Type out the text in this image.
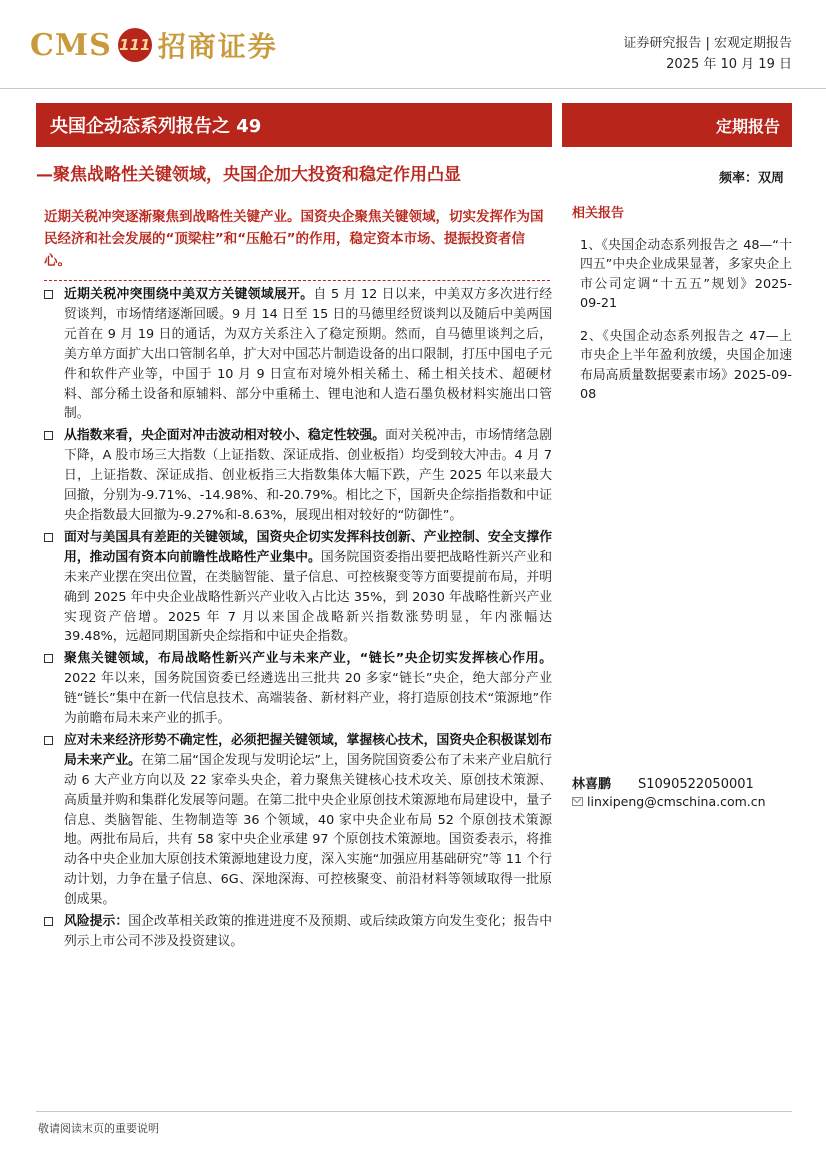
CMS 111 招商证券	证券研究报告 | 宏观定期报告
2025 年 10 月 19 日
央国企动态系列报告之 49	定期报告
—聚焦战略性关键领域，央国企加大投资和稳定作用凸显	频率：双周

近期关税冲突逐渐聚焦到战略性关键产业。国资央企聚焦关键领域，切实发挥作为国民经济和社会发展的“顶梁柱”和“压舱石”的作用，稳定资本市场、提振投资者信心。

近期关税冲突围绕中美双方关键领域展开。自 5 月 12 日以来，中美双方多次进行经贸谈判，市场情绪逐渐回暖。9 月 14 日至 15 日的马德里经贸谈判以及随后中美两国元首在 9 月 19 日的通话，为双方关系注入了稳定预期。然而，自马德里谈判之后，美方单方面扩大出口管制名单，扩大对中国芯片制造设备的出口限制，打压中国电子元件和软件产业等，中国于 10 月 9 日宣布对境外相关稀土、稀土相关技术、超硬材料、部分稀土设备和原辅料、部分中重稀土、锂电池和人造石墨负极材料实施出口管制。
从指数来看，央企面对冲击波动相对较小、稳定性较强。面对关税冲击，市场情绪急剧下降，A 股市场三大指数（上证指数、深证成指、创业板指）均受到较大冲击。4 月 7 日，上证指数、深证成指、创业板指三大指数集体大幅下跌，产生 2025 年以来最大回撤，分别为-9.71%、-14.98%、和-20.79%。相比之下，国新央企综指指数和中证央企指数最大回撤为-9.27%和-8.63%，展现出相对较好的“防御性”。
面对与美国具有差距的关键领域，国资央企切实发挥科技创新、产业控制、安全支撑作用，推动国有资本向前瞻性战略性产业集中。国务院国资委指出要把战略性新兴产业和未来产业摆在突出位置，在类脑智能、量子信息、可控核聚变等方面要提前布局，并明确到 2025 年中央企业战略性新兴产业收入占比达 35%，到 2030 年战略性新兴产业实现资产倍增。2025 年 7 月以来国企战略新兴指数涨势明显，年内涨幅达 39.48%，远超同期国新央企综指和中证央企指数。
聚焦关键领域，布局战略性新兴产业与未来产业，“链长”央企切实发挥核心作用。2022 年以来，国务院国资委已经遴选出三批共 20 多家“链长”央企，绝大部分产业链“链长”集中在新一代信息技术、高端装备、新材料产业，将打造原创技术“策源地”作为前瞻布局未来产业的抓手。
应对未来经济形势不确定性，必须把握关键领域，掌握核心技术，国资央企积极谋划布局未来产业。在第二届“国企发现与发明论坛”上，国务院国资委公布了未来产业启航行动 6 大产业方向以及 22 家牵头央企，着力聚焦关键核心技术攻关、原创技术策源、高质量并购和集群化发展等问题。在第二批中央企业原创技术策源地布局建设中，量子信息、类脑智能、生物制造等 36 个领域，40 家中央企业布局 52 个原创技术策源地。两批布局后，共有 58 家中央企业承建 97 个原创技术策源地。国资委表示，将推动各中央企业加大原创技术策源地建设力度，深入实施“加强应用基础研究”等 11 个行动计划，力争在量子信息、6G、深地深海、可控核聚变、前沿材料等领域取得一批原创成果。
风险提示：国企改革相关政策的推进进度不及预期、或后续政策方向发生变化；报告中列示上市公司不涉及投资建议。
相关报告

1、《央国企动态系列报告之 48—“十四五”中央企业成果显著，多家央企上市公司定调“十五五”规划》2025-09-21

2、《央国企动态系列报告之 47—上市央企上半年盈利放缓，央国企加速布局高质量数据要素市场》2025-09-08

林喜鹏 S1090522050001
linxipeng@cmschina.com.cn
敬请阅读末页的重要说明
